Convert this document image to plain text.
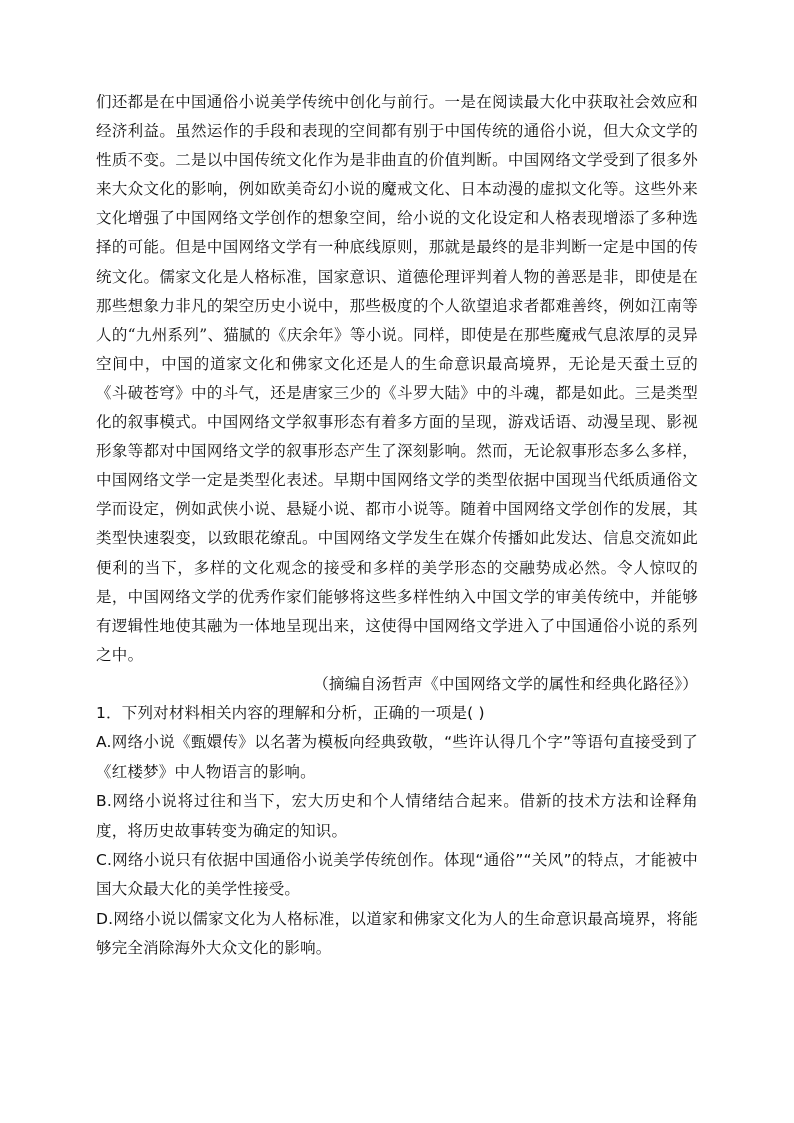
们还都是在中国通俗小说美学传统中创化与前行。一是在阅读最大化中获取社会效应和经济利益。虽然运作的手段和表现的空间都有别于中国传统的通俗小说，但大众文学的性质不变。二是以中国传统文化作为是非曲直的价值判断。中国网络文学受到了很多外来大众文化的影响，例如欧美奇幻小说的魔戒文化、日本动漫的虚拟文化等。这些外来文化增强了中国网络文学创作的想象空间，给小说的文化设定和人格表现增添了多种选择的可能。但是中国网络文学有一种底线原则，那就是最终的是非判断一定是中国的传统文化。儒家文化是人格标准，国家意识、道德伦理评判着人物的善恶是非，即使是在那些想象力非凡的架空历史小说中，那些极度的个人欲望追求者都难善终，例如江南等人的“九州系列”、猫腻的《庆余年》等小说。同样，即使是在那些魔戒气息浓厚的灵异空间中，中国的道家文化和佛家文化还是人的生命意识最高境界，无论是天蚕土豆的《斗破苍穹》中的斗气，还是唐家三少的《斗罗大陆》中的斗魂，都是如此。三是类型化的叙事模式。中国网络文学叙事形态有着多方面的呈现，游戏话语、动漫呈现、影视形象等都对中国网络文学的叙事形态产生了深刻影响。然而，无论叙事形态多么多样，中国网络文学一定是类型化表述。早期中国网络文学的类型依据中国现当代纸质通俗文学而设定，例如武侠小说、悬疑小说、都市小说等。随着中国网络文学创作的发展，其类型快速裂变，以致眼花缭乱。中国网络文学发生在媒介传播如此发达、信息交流如此便利的当下，多样的文化观念的接受和多样的美学形态的交融势成必然。令人惊叹的是，中国网络文学的优秀作家们能够将这些多样性纳入中国文学的审美传统中，并能够有逻辑性地使其融为一体地呈现出来，这使得中国网络文学进入了中国通俗小说的系列之中。

（摘编自汤哲声《中国网络文学的属性和经典化路径》）

1．下列对材料相关内容的理解和分析，正确的一项是( )

A.网络小说《甄嬛传》以名著为模板向经典致敬，“些许认得几个字”等语句直接受到了《红楼梦》中人物语言的影响。

B.网络小说将过往和当下，宏大历史和个人情绪结合起来。借新的技术方法和诠释角度，将历史故事转变为确定的知识。

C.网络小说只有依据中国通俗小说美学传统创作。体现“通俗”“关风”的特点，才能被中国大众最大化的美学性接受。

D.网络小说以儒家文化为人格标准，以道家和佛家文化为人的生命意识最高境界，将能够完全消除海外大众文化的影响。
